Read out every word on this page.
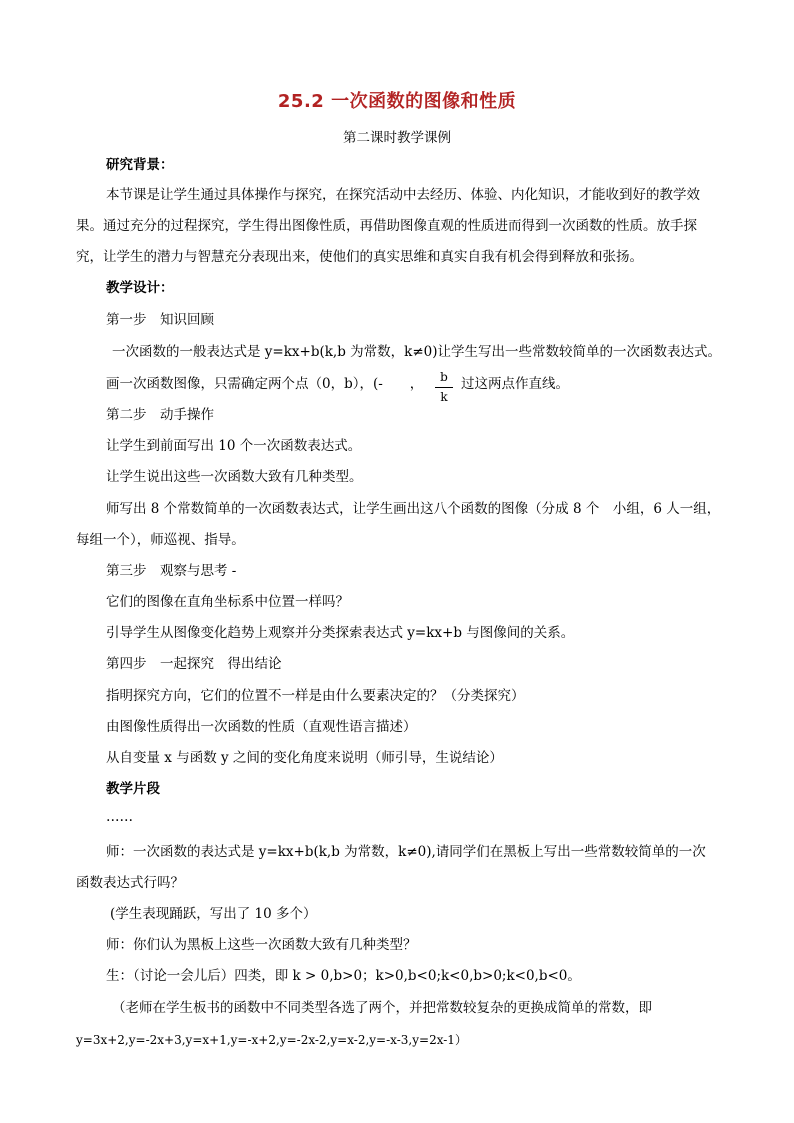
25.2 一次函数的图像和性质
第二课时教学课例
研究背景：
本节课是让学生通过具体操作与探究，在探究活动中去经历、体验、内化知识，才能收到好的教学效
果。通过充分的过程探究，学生得出图像性质，再借助图像直观的性质进而得到一次函数的性质。放手探
究，让学生的潜力与智慧充分表现出来，使他们的真实思维和真实自我有机会得到释放和张扬。
教学设计：
第一步　知识回顾
一次函数的一般表达式是 y=kx+b(k,b 为常数，k≠0)让学生写出一些常数较简单的一次函数表达式。
画一次函数图像，只需确定两个点（0，b），(-　　，	b
k
过这两点作直线。
第二步　动手操作
让学生到前面写出 10 个一次函数表达式。
让学生说出这些一次函数大致有几种类型。
师写出 8 个常数简单的一次函数表达式，让学生画出这八个函数的图像（分成 8 个　小组，6 人一组，
每组一个），师巡视、指导。
第三步　观察与思考 -
它们的图像在直角坐标系中位置一样吗？
引导学生从图像变化趋势上观察并分类探索表达式 y=kx+b 与图像间的关系。
第四步　一起探究　得出结论
指明探究方向，它们的位置不一样是由什么要素决定的？（分类探究）
由图像性质得出一次函数的性质（直观性语言描述）
从自变量 x 与函数 y 之间的变化角度来说明（师引导，生说结论）
教学片段
……
师：一次函数的表达式是 y=kx+b(k,b 为常数，k≠0),请同学们在黑板上写出一些常数较简单的一次
函数表达式行吗？
(学生表现踊跃，写出了 10 多个）
师：你们认为黑板上这些一次函数大致有几种类型？
生：（讨论一会儿后）四类，即 k > 0,b>0；k>0,b<0;k<0,b>0;k<0,b<0。
（老师在学生板书的函数中不同类型各选了两个，并把常数较复杂的更换成简单的常数，即
y=3x+2,y=-2x+3,y=x+1,y=-x+2,y=-2x-2,y=x-2,y=-x-3,y=2x-1）
